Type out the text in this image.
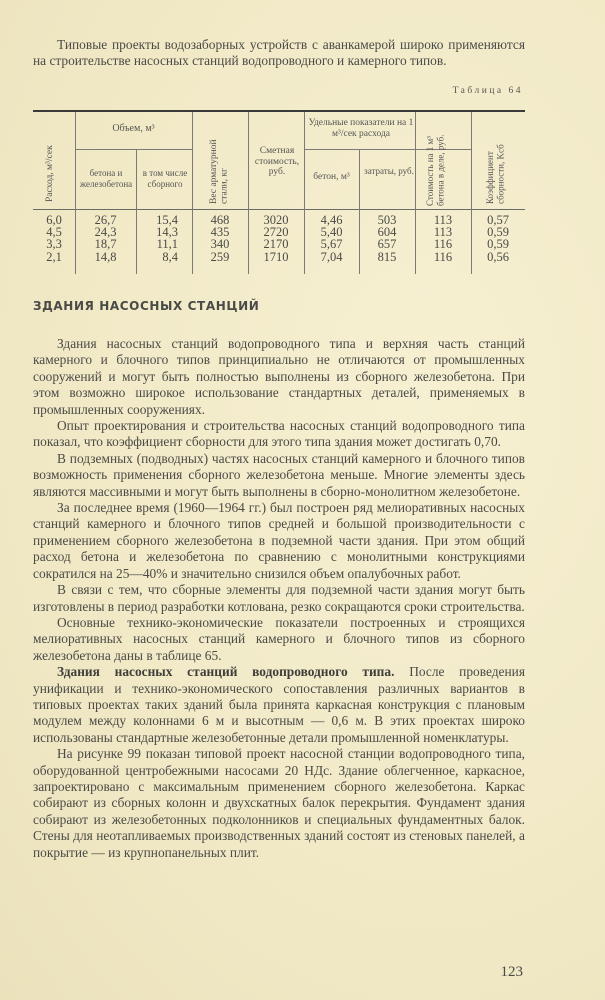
Типовые проекты водозаборных устройств с аванкамерой широко применяются на строительстве насосных станций водопроводного и камерного типов.

Таблица 64
Расход, м³/сек
Объем, м³
бетона и железобетона
в том числе сборного	Вес арматурной стали, кг
Сметная стоимость, руб.
Удельные показатели на 1 м³/сек расхода
бетон, м³
затраты, руб. Стоимость на 1 м³ бетона в деле, руб.	Коэффициент сборности, Kсб
6,0
4,5
3,3
2,1
26,7
24,3
18,7
14,8
15,4
14,3
11,1
8,4
468
435
340
259
3020
2720
2170
1710
4,46
5,40
5,67
7,04
503
604
657
815
113
113
116
116
0,57
0,59
0,59
0,56
ЗДАНИЯ НАСОСНЫХ СТАНЦИЙ

Здания насосных станций водопроводного типа и верхняя часть станций камерного и блочного типов принципиально не отличаются от промышленных сооружений и могут быть полностью выполнены из сборного железобетона. При этом возможно широкое использование стандартных деталей, применяемых в промышленных сооружениях.

Опыт проектирования и строительства насосных станций водопроводного типа показал, что коэффициент сборности для этого типа здания может достигать 0,70.

В подземных (подводных) частях насосных станций камерного и блочного типов возможность применения сборного железобетона меньше. Многие элементы здесь являются массивными и могут быть выполнены в сборно-монолитном железобетоне.

За последнее время (1960—1964 гг.) был построен ряд мелиоративных насосных станций камерного и блочного типов средней и большой производительности с применением сборного железобетона в подземной части здания. При этом общий расход бетона и железобетона по сравнению с монолитными конструкциями сократился на 25—40% и значительно снизился объем опалубочных работ.

В связи с тем, что сборные элементы для подземной части здания могут быть изготовлены в период разработки котлована, резко сокращаются сроки строительства.

Основные технико-экономические показатели построенных и строящихся мелиоративных насосных станций камерного и блочного типов из сборного железобетона даны в таблице 65.

Здания насосных станций водопроводного типа. После проведения унификации и технико-экономического сопоставления различных вариантов в типовых проектах таких зданий была принята каркасная конструкция с плановым модулем между колоннами 6 м и высотным — 0,6 м. В этих проектах широко использованы стандартные железобетонные детали промышленной номенклатуры.

На рисунке 99 показан типовой проект насосной станции водопроводного типа, оборудованной центробежными насосами 20 НДс. Здание облегченное, каркасное, запроектировано с максимальным применением сборного железобетона. Каркас собирают из сборных колонн и двухскатных балок перекрытия. Фундамент здания собирают из железобетонных подколонников и специальных фундаментных балок. Стены для неотапливаемых производственных зданий состоят из стеновых панелей, а покрытие — из крупнопанельных плит.

123
